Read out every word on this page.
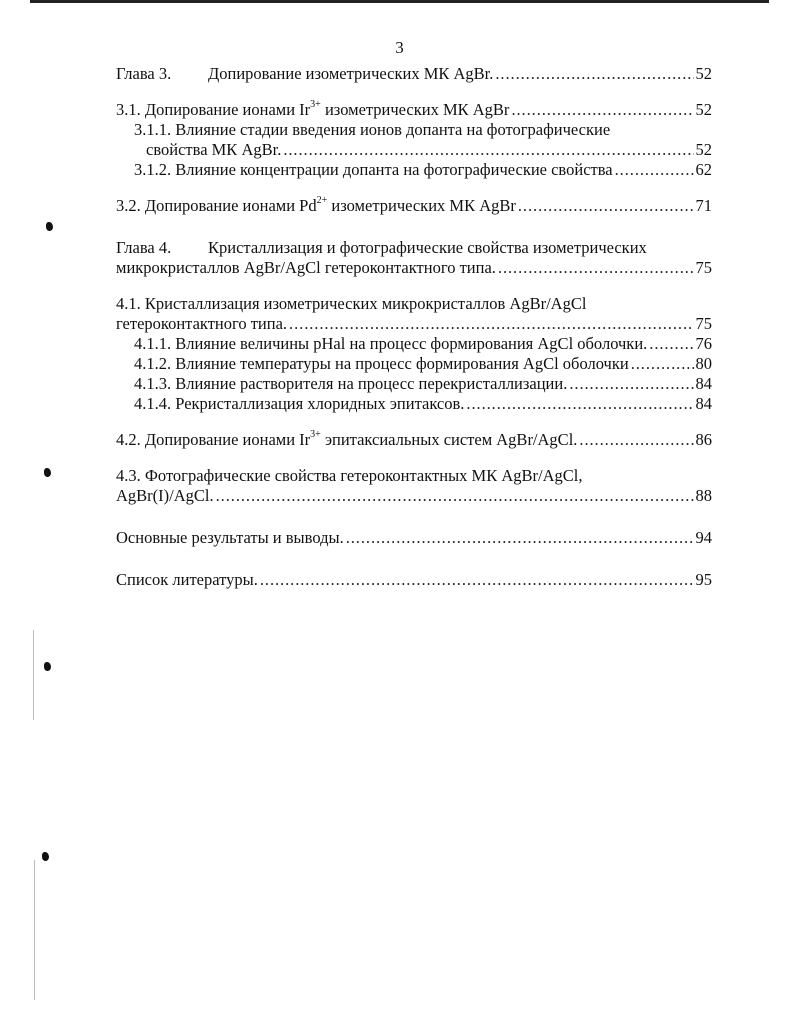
3
Глава 3. Допирование изометрических МК AgBr. . . .	52
3.1. Допирование ионами $Ir^{3+}$ изометрических МК AgBr . . .	52
3.1.1. Влияние стадии введения ионов допанта на фотографические
свойства МК AgBr. . . .	52
3.1.2. Влияние концентрации допанта на фотографические свойства . . .	62
3.2. Допирование ионами $Pd^{2+}$ изометрических МК AgBr . . .	71
Глава 4. Кристаллизация и фотографические свойства изометрических
микрокристаллов AgBr/AgCl гетероконтактного типа. . . .	75
4.1. Кристаллизация изометрических микрокристаллов AgBr/AgCl
гетероконтактного типа. . . .	75
4.1.1. Влияние величины pHal на процесс формирования AgCl оболочки. . . .	76
4.1.2. Влияние температуры на процесс формирования AgCl оболочки . . .	80
4.1.3. Влияние растворителя на процесс перекристаллизации. . . .	84
4.1.4. Рекристаллизация хлоридных эпитаксов. . . .	84
4.2. Допирование ионами $Ir^{3+}$ эпитаксиальных систем AgBr/AgCl. . . .	86
4.3. Фотографические свойства гетероконтактных МК AgBr/AgCl,
AgBr(I)/AgCl. . . .	88
Основные результаты и выводы. . . .	94
Список литературы. . . .	95
